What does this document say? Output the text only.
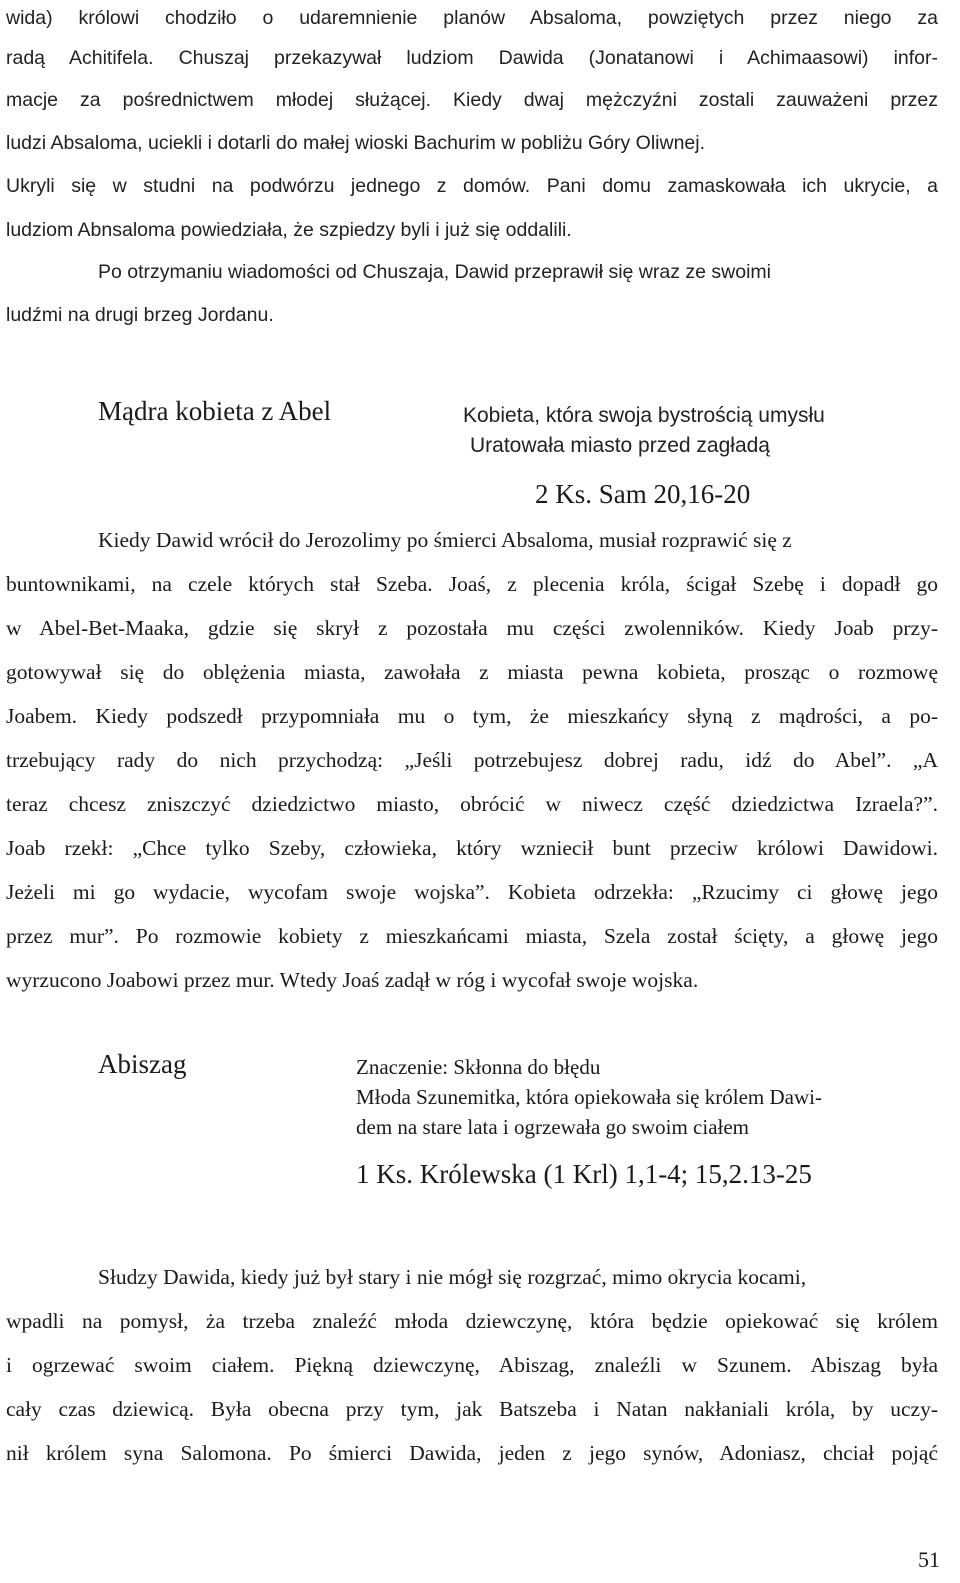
wida) królowi chodziło o udaremnienie planów Absaloma, powziętych przez niego za
radą Achitifela. Chuszaj przekazywał ludziom Dawida (Jonatanowi i Achimaasowi) infor-
macje za pośrednictwem młodej służącej. Kiedy dwaj mężczyźni zostali zauważeni przez
ludzi Absaloma, uciekli i dotarli do małej wioski Bachurim w pobliżu Góry Oliwnej.
Ukryli się w studni na podwórzu jednego z domów. Pani domu zamaskowała ich ukrycie, a
ludziom Abnsaloma powiedziała, że szpiedzy byli i już się oddalili.
Po otrzymaniu wiadomości od Chuszaja, Dawid przeprawił się wraz ze swoimi
ludźmi na drugi brzeg Jordanu.
Mądra kobieta z Abel	Kobieta, która swoja bystrością umysłu
Uratowała miasto przed zagładą
2 Ks. Sam 20,16-20
Kiedy Dawid wrócił do Jerozolimy po śmierci Absaloma, musiał rozprawić się z
buntownikami, na czele których stał Szeba. Joaś, z plecenia króla, ścigał Szebę i dopadł go
w Abel-Bet-Maaka, gdzie się skrył z pozostała mu części zwolenników. Kiedy Joab przy-
gotowywał się do oblężenia miasta, zawołała z miasta pewna kobieta, prosząc o rozmowę
Joabem. Kiedy podszedł przypomniała mu o tym, że mieszkańcy słyną z mądrości, a po-
trzebujący rady do nich przychodzą: „Jeśli potrzebujesz dobrej radu, idź do Abel”. „A
teraz chcesz zniszczyć dziedzictwo miasto, obrócić w niwecz część dziedzictwa Izraela?”.
Joab rzekł: „Chce tylko Szeby, człowieka, który wzniecił bunt przeciw królowi Dawidowi.
Jeżeli mi go wydacie, wycofam swoje wojska”. Kobieta odrzekła: „Rzucimy ci głowę jego
przez mur”. Po rozmowie kobiety z mieszkańcami miasta, Szela został ścięty, a głowę jego
wyrzucono Joabowi przez mur. Wtedy Joaś zadął w róg i wycofał swoje wojska.
Abiszag	Znaczenie: Skłonna do błędu
Młoda Szunemitka, która opiekowała się królem Dawi-
dem na stare lata i ogrzewała go swoim ciałem
1 Ks. Królewska (1 Krl) 1,1-4; 15,2.13-25
Słudzy Dawida, kiedy już był stary i nie mógł się rozgrzać, mimo okrycia kocami,
wpadli na pomysł, ża trzeba znaleźć młoda dziewczynę, która będzie opiekować się królem
i ogrzewać swoim ciałem. Piękną dziewczynę, Abiszag, znaleźli w Szunem. Abiszag była
cały czas dziewicą. Była obecna przy tym, jak Batszeba i Natan nakłaniali króla, by uczy-
nił królem syna Salomona. Po śmierci Dawida, jeden z jego synów, Adoniasz, chciał pojąć
51
